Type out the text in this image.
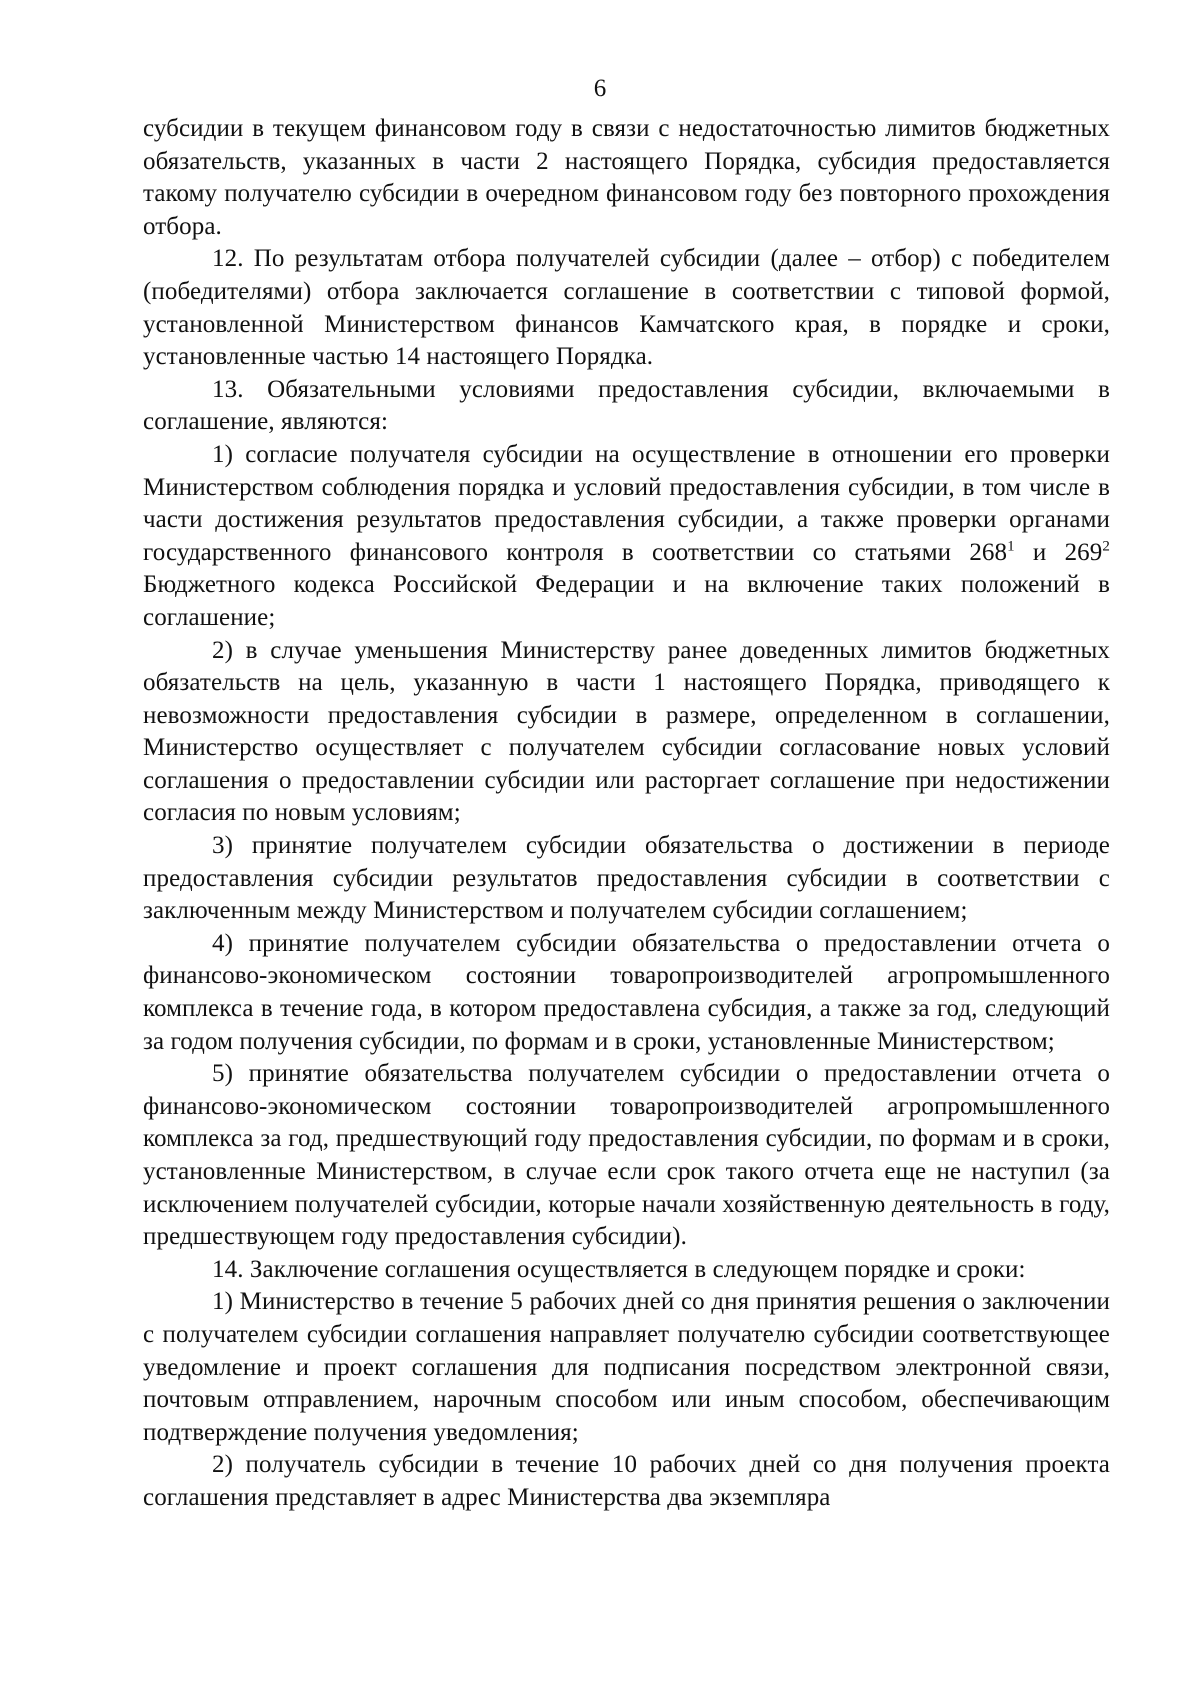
6

субсидии в текущем финансовом году в связи с недостаточностью лимитов бюджетных обязательств, указанных в части 2 настоящего Порядка, субсидия предоставляется такому получателю субсидии в очередном финансовом году без повторного прохождения отбора.

12. По результатам отбора получателей субсидии (далее – отбор) с победителем (победителями) отбора заключается соглашение в соответствии с типовой формой, установленной Министерством финансов Камчатского края, в порядке и сроки, установленные частью 14 настоящего Порядка.

13. Обязательными условиями предоставления субсидии, включаемыми в соглашение, являются:

1) согласие получателя субсидии на осуществление в отношении его проверки Министерством соблюдения порядка и условий предоставления субсидии, в том числе в части достижения результатов предоставления субсидии, а также проверки органами государственного финансового контроля в соответствии со статьями $268^1$ и $269^2$ Бюджетного кодекса Российской Федерации и на включение таких положений в соглашение;

2) в случае уменьшения Министерству ранее доведенных лимитов бюджетных обязательств на цель, указанную в части 1 настоящего Порядка, приводящего к невозможности предоставления субсидии в размере, определенном в соглашении, Министерство осуществляет с получателем субсидии согласование новых условий соглашения о предоставлении субсидии или расторгает соглашение при недостижении согласия по новым условиям;

3) принятие получателем субсидии обязательства о достижении в периоде предоставления субсидии результатов предоставления субсидии в соответствии с заключенным между Министерством и получателем субсидии соглашением;

4) принятие получателем субсидии обязательства о предоставлении отчета о финансово-экономическом состоянии товаропроизводителей агропромышленного комплекса в течение года, в котором предоставлена субсидия, а также за год, следующий за годом получения субсидии, по формам и в сроки, установленные Министерством;

5) принятие обязательства получателем субсидии о предоставлении отчета о финансово-экономическом состоянии товаропроизводителей агропромышленного комплекса за год, предшествующий году предоставления субсидии, по формам и в сроки, установленные Министерством, в случае если срок такого отчета еще не наступил (за исключением получателей субсидии, которые начали хозяйственную деятельность в году, предшествующем году предоставления субсидии).

14. Заключение соглашения осуществляется в следующем порядке и сроки:

1) Министерство в течение 5 рабочих дней со дня принятия решения о заключении с получателем субсидии соглашения направляет получателю субсидии соответствующее уведомление и проект соглашения для подписания посредством электронной связи, почтовым отправлением, нарочным способом или иным способом, обеспечивающим подтверждение получения уведомления;

2) получатель субсидии в течение 10 рабочих дней со дня получения проекта соглашения представляет в адрес Министерства два экземпляра
